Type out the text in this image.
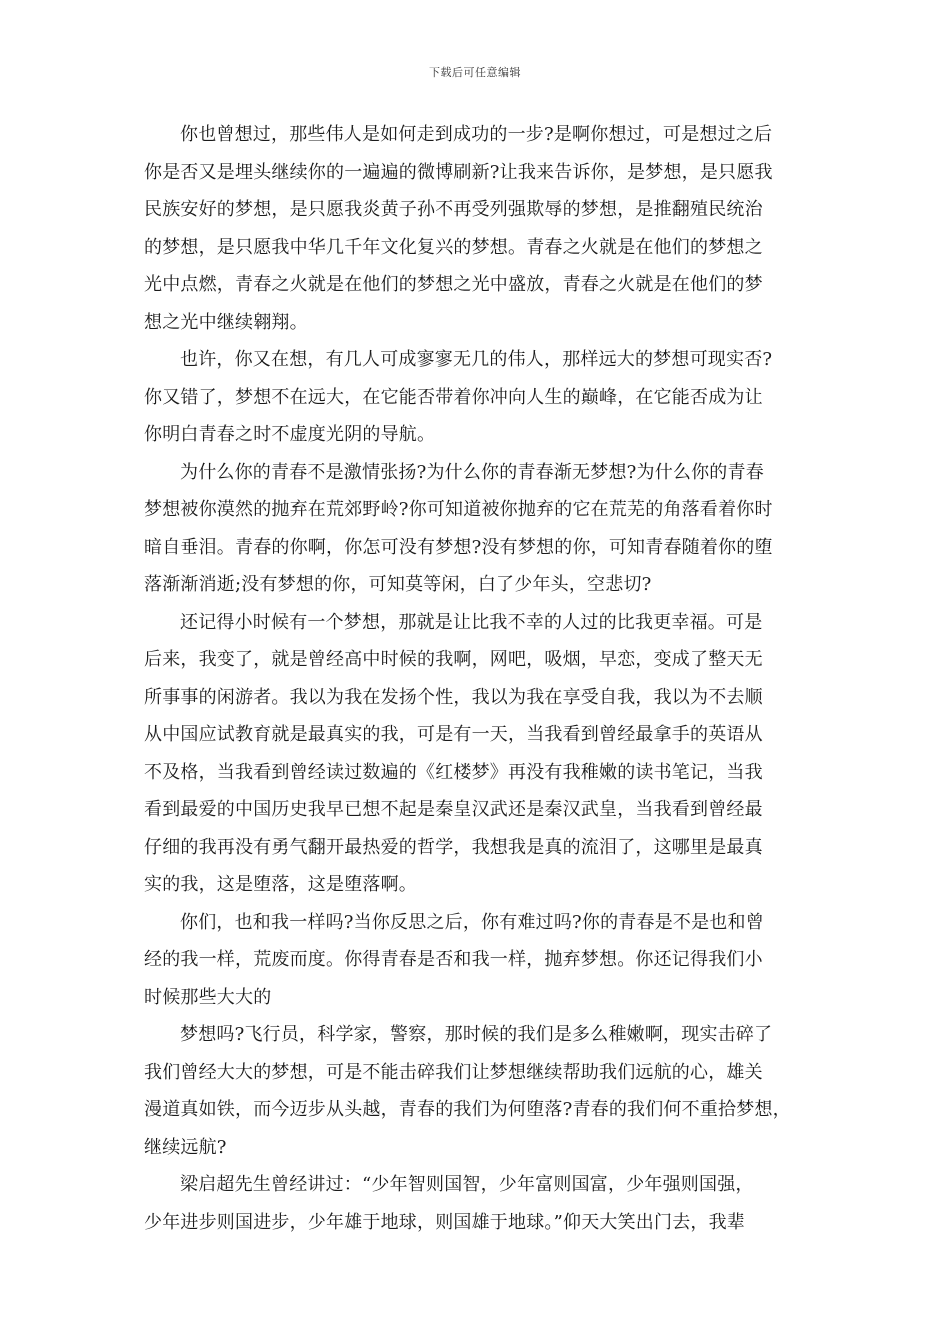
下载后可任意编辑
你也曾想过，那些伟人是如何走到成功的一步?是啊你想过，可是想过之后
你是否又是埋头继续你的一遍遍的微博刷新?让我来告诉你，是梦想，是只愿我
民族安好的梦想，是只愿我炎黄子孙不再受列强欺辱的梦想，是推翻殖民统治
的梦想，是只愿我中华几千年文化复兴的梦想。青春之火就是在他们的梦想之
光中点燃，青春之火就是在他们的梦想之光中盛放，青春之火就是在他们的梦
想之光中继续翱翔。
也许，你又在想，有几人可成寥寥无几的伟人，那样远大的梦想可现实否?
你又错了，梦想不在远大，在它能否带着你冲向人生的巅峰，在它能否成为让
你明白青春之时不虚度光阴的导航。
为什么你的青春不是激情张扬?为什么你的青春渐无梦想?为什么你的青春
梦想被你漠然的抛弃在荒郊野岭?你可知道被你抛弃的它在荒芜的角落看着你时
暗自垂泪。青春的你啊，你怎可没有梦想?没有梦想的你，可知青春随着你的堕
落渐渐消逝;没有梦想的你，可知莫等闲，白了少年头，空悲切?
还记得小时候有一个梦想，那就是让比我不幸的人过的比我更幸福。可是
后来，我变了，就是曾经高中时候的我啊，网吧，吸烟，早恋，变成了整天无
所事事的闲游者。我以为我在发扬个性，我以为我在享受自我，我以为不去顺
从中国应试教育就是最真实的我，可是有一天，当我看到曾经最拿手的英语从
不及格，当我看到曾经读过数遍的《红楼梦》再没有我稚嫩的读书笔记，当我
看到最爱的中国历史我早已想不起是秦皇汉武还是秦汉武皇，当我看到曾经最
仔细的我再没有勇气翻开最热爱的哲学，我想我是真的流泪了，这哪里是最真
实的我，这是堕落，这是堕落啊。
你们，也和我一样吗?当你反思之后，你有难过吗?你的青春是不是也和曾
经的我一样，荒废而度。你得青春是否和我一样，抛弃梦想。你还记得我们小
时候那些大大的
梦想吗?飞行员，科学家，警察，那时候的我们是多么稚嫩啊，现实击碎了
我们曾经大大的梦想，可是不能击碎我们让梦想继续帮助我们远航的心，雄关
漫道真如铁，而今迈步从头越，青春的我们为何堕落?青春的我们何不重拾梦想，
继续远航?
梁启超先生曾经讲过：“少年智则国智，少年富则国富，少年强则国强，
少年进步则国进步，少年雄于地球，则国雄于地球。”仰天大笑出门去，我辈
